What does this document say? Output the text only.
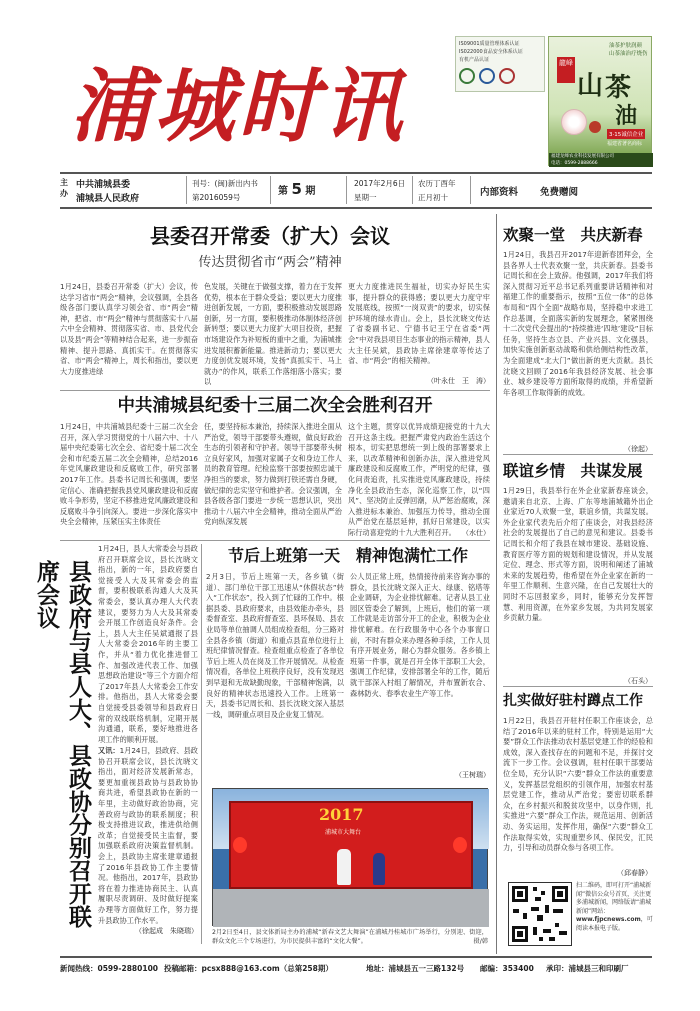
浦城时讯
IS09001质量管理体系认证
IS022000食品安全体系认证
有机产品认证
油茶护肤润颜
山茶油治疗烧伤
龍峰
山 茶
油
3·15诚信企业
福建省著名商标
福建龙峰农业科技发展有限公司
电话：0599-2888666
主办
中共浦城县委
浦城县人民政府
刊号：(闽)新出内书
第2016059号
第 5 期
2017年2月6日
星期一
农历丁酉年
正月初十	内部资料 免费赠阅
县委召开常委（扩大）会议
传达贯彻省市“两会”精神
1月24日，县委召开常委（扩大）会议，传达学习省市“两会”精神，会议强调，全县各级各部门要认真学习领会省、市“两会”精神，把省、市“两会”精神与贯彻落实十八届六中全会精神、贯彻落实省、市、县党代会以及县“两会”等精神结合起来，进一步振奋精神、提升思路、真抓实干。在贯彻落实省、市“两会”精神上，周长和指出，要以更大力度推进绿
色发展，关键在于做强支撑，着力在于发挥优势，根本在于群众受益；要以更大力度推进创新发展，一方面，要积极推动发展思路创新，另一方面，要积极推动体制体经济创新转型；要以更大力度扩大项目投资，把握市场建设作为补短板的重中之重，为浦城推进发展积蓄新能量。推进新动力；要以更大力度创优发展环境，发扬“真抓实干、马上就办”的作风，联系工作落细落小落实；要以
更大力度推进民生福祉，切实办好民生实事，提升群众的获得感；要以更大力度守牢发展底线，按照“一岗双责”的要求，切实保护环境的绿水青山。会上，县长沈晓文传达了省委副书记、宁德书记王宁在省委“两会”中对我县项目生态事业的指示精神，县人大主任吴斌，县政协主席徐建章等传达了省、市“两会”的相关精神。
（叶永仕　王　涛）
中共浦城县纪委十三届二次全会胜利召开
1月24日，中共浦城县纪委十三届二次全会召开，深入学习贯彻党的十八届六中、十八届中央纪委第七次全会、省纪委十届二次全会和市纪委五届二次全会精神，总结2016年党风廉政建设和反腐败工作，研究部署2017年工作。县委书记周长和强调，要坚定信心、准确把握我县党风廉政建设和反腐败斗争形势，坚定不移推进党风廉政建设和反腐败斗争引向深入。要进一步深化落实中央全会精神，压紧压实主体责任
任，要坚持标本兼治，持续深入推进全面从严治党，领导干部要带头遵规，做良好政治生态的引领者和守护者。领导干部要带头树立良好家风，加强对家属子女和身边工作人员的教育管理。纪检监察干部要按照忠诚干净担当的要求，努力做到打铁还需自身硬，做纪律的忠实坚守和维护者。会议强调，全县各级各部门要进一步统一思想认识，突出推动十八届六中全会精神，推动全面从严治党向纵深发展
这个主题，贯穿以优异成绩迎接党的十九大召开这条主线。把握严肃党内政治生活这个根本，切实把思想统一到上级的部署要求上来，以改革精神和创新办法，深入推进党风廉政建设和反腐败工作，严明党的纪律，强化问责追责，扎实推进党风廉政建设，持续净化全县政治生态，深化巡察工作，以“四风”、坚决防止反弹回潮，从严惩治腐败，深入推进标本兼治、加强压力传导，推动全面从严治党在基层延伸，抓好日常建设，以实际行动喜迎党的十九大胜利召开。 （水仕）
县政府与县人大、县政协分别召开联席会议
1月24日，县人大常委会与县政府召开联席会议，县长沈晓文指出，新的一年，县政府要自觉接受人大及其常委会的监督，要积极联系沟通人大及其常委会，要认真办理人大代表建议，要努力为人大及其常委会开展工作创造良好条件。会上，县人大主任吴斌通报了县人大常委会2016年的主要工作，并从“着力优化推进督工作、加强改进代表工作、加强思想政治建设”等三个方面介绍了2017年县人大常委会工作安排。他指出，县人大常委会要自觉接受县委领导和县政府日常的双线联络机制，定期开展沟通通，联系，要好地推进各项工作的顺利开展。
又讯：1月24日，县政府、县政协召开联席会议，县长沈晓文指出，面对经济发展新常态，要更加重视县政协与县政协协商共进，希望县政协在新的一年里，主动做好政治协商，完善政府与政协的联系制度；积极支持推进议政，推进供给侧改革；自觉接受民主监督，要加强联系政府决策监督机制。会上，县政协主席张建章通报了2016年县政协工作主要情况。他指出，2017年，县政协将在着力推进协商民主、认真履职尽责调研、及时做好提案办理等方面做好工作，努力提升县政协工作水平。
（徐起成　朱晓瑞）
节后上班第一天　精神饱满忙工作
2月3日，节后上班第一天，各乡镇（街道）、部门单位干部工迅速从“休假状态”转入“工作状态”，投入到了忙碌的工作中。根据县委、县政府要求，由县效能办牵头，县委督查室、县政府督查室、县环保局、县农业局等单位抽调人员组成检查组，分三路对全县各乡镇（街道）和重点县直单位进行上班纪律情况督查。检查组重点检查了各单位节后上班人员在岗及工作开展情况。从检查情况看，各单位上班秩序良好，没有发现迟到早退和无故缺勤现象，干部精神饱满，以良好的精神状态迅速投入工作。上班第一天，县委书记周长和、县长沈晓文深入基层一线，调研重点项目及企业复工情况。
公人员正常上班，热情接待前来咨询办事的群众，县长沈晓文深入正大、绿康、铭塔等企业调研，为企业排忧解难。记者从县工业园区管委会了解到，上班后，他们的第一项工作就是走访部分开工的企业，积极为企业排忧解难。在行政服务中心各个办事窗口前，不时有群众来办理各种手续，工作人员有序开展业务，耐心为群众服务。各乡镇上班第一件事，就是召开全体干部职工大会，强调工作纪律，安排部署全年的工作，随后就干部深入村组了解情况，并布置新农合、森林防火、春季农业生产等工作。
（王树瑞）
2017
浦城市大舞台
2月2日至4日，县文体新局主办的浦城“新春文艺大舞演”在浦城丹桂城市广场举行，分别迎、街迎，群众文化三个专场进行，为市民提供丰富的“文化大餐”。	摄/韩
欢聚一堂　共庆新春
1月24日，我县召开2017年迎新春团拜会，全县各界人士代表欢聚一堂，共庆新春。县委书记周长和在会上致辞。他强调，2017年我们将深入贯彻习近平总书记系列重要讲话精神和对福建工作的重要指示，按照“五位一体”的总体布局和“四个全面”战略布局，坚持稳中求进工作总基调，全面落实新的发展理念，紧紧围绕十二次党代会提出的“持续推进‘四地’建设”目标任务，坚持生态立县、产业兴县、文化强县，加快实施创新驱动战略和供给侧结构性改革，为全面建成“北大门”做出新的更大贡献。县长沈晓文回顾了2016年我县经济发展、社会事业、城乡建设等方面所取得的成绩，并希望新年各项工作取得新的成效。
（徐起）
联谊乡情　共谋发展
1月29日，我县举行在外企业家新春座谈会，邀请来自北京、上海、广东等地浦城籍外出企业家近70人欢聚一堂，联谊乡情，共谋发展。外企业家代表先后介绍了座谈会，对我县经济社会的发展提出了自己的意见和建议。县委书记周长和介绍了我县在城市建设、基础设施、教育医疗等方面的规划和建设情况，并从发展定位、理念、形式等方面，说明和阐述了浦城未来的发展趋势，他希望在外企业家在新的一年里工作顺利、生意兴隆，在自己发展壮大的同时不忘回报家乡，同时，能够充分发挥智慧、利用资源，在外家乡发展，为共同发展家乡贡献力量。
（石头）
扎实做好驻村蹲点工作
1月22日，我县召开驻村任职工作座谈会，总结了2016年以来的驻村工作，特别是运用“大要”群众工作法推动农村基层党建工作的经验和成效，深入查找存在的问题和不足，并探讨交流下一步工作。会议强调，驻村任职干部要站位全局，充分认识“六要”群众工作法的重要意义，发挥基层党组织的引领作用，加强农村基层党建工作，推动从严治党；要密切联系群众，在乡村振兴和脱贫攻坚中，以身作则，扎实推进“六要”群众工作法，规范运用、创新活动、务实运用，发挥作用，确保“六要”群众工作法取得实效，实现重塑乡风、保民安，汇民力，引导和动员群众参与各项工作。
（邱春静）
扫二维码，即可打开“浦城新闻”微信公众号首页，关注更多浦城新闻，网络版请“浦城新闻”网站：www.fjpcnews.com，可阅读本报电子版。
新闻热线：0599-2880100 投稿邮箱：pcsx888@163.com（总第258期）	地址：浦城县五一三路132号 邮编：353400 承印：浦城县三和印刷厂
